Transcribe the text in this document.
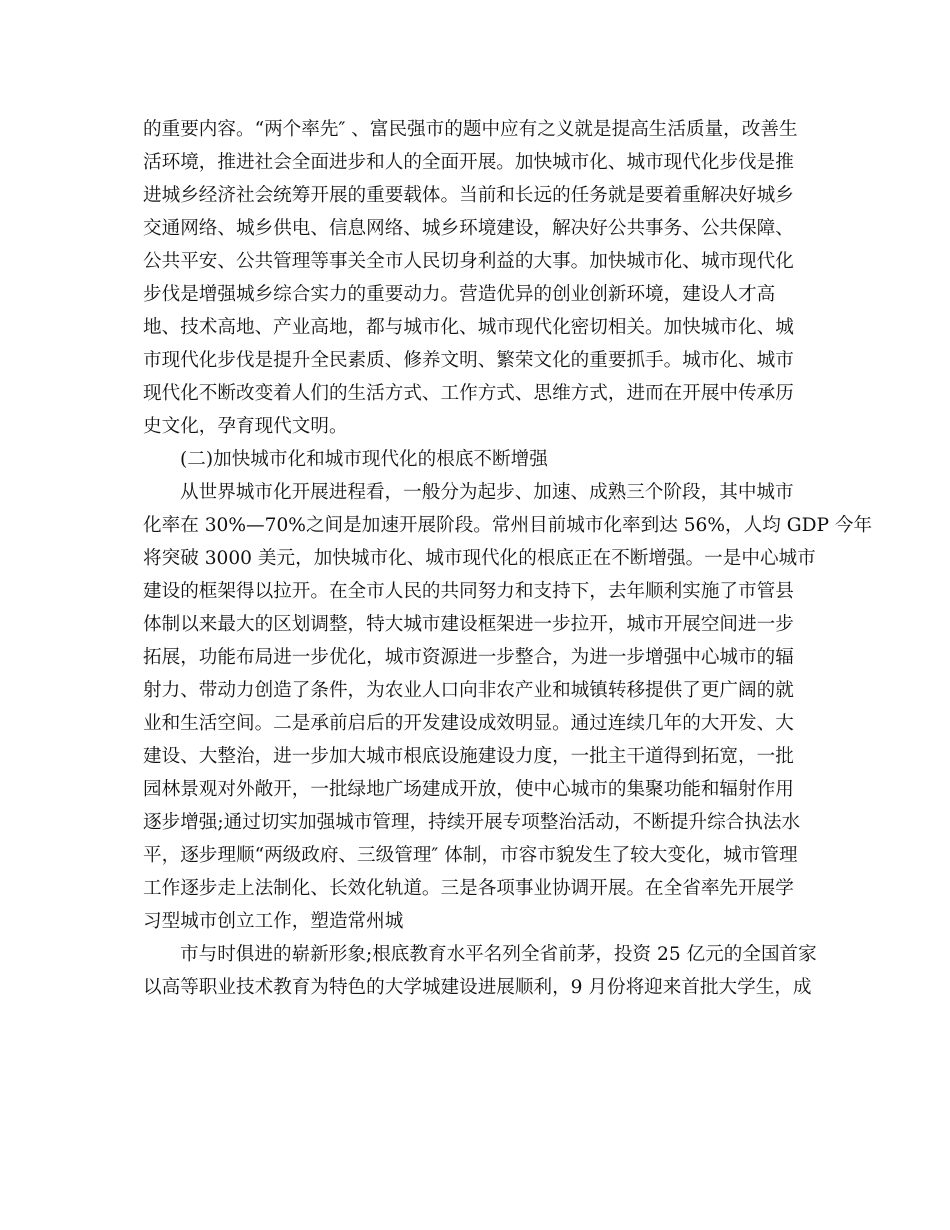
的重要内容。“两个率先″ 、富民强市的题中应有之义就是提高生活质量，改善生
活环境，推进社会全面进步和人的全面开展。加快城市化、城市现代化步伐是推
进城乡经济社会统筹开展的重要载体。当前和长远的任务就是要着重解决好城乡
交通网络、城乡供电、信息网络、城乡环境建设，解决好公共事务、公共保障、
公共平安、公共管理等事关全市人民切身利益的大事。加快城市化、城市现代化
步伐是增强城乡综合实力的重要动力。营造优异的创业创新环境，建设人才高
地、技术高地、产业高地，都与城市化、城市现代化密切相关。加快城市化、城
市现代化步伐是提升全民素质、修养文明、繁荣文化的重要抓手。城市化、城市
现代化不断改变着人们的生活方式、工作方式、思维方式，进而在开展中传承历
史文化，孕育现代文明。
(二)加快城市化和城市现代化的根底不断增强
从世界城市化开展进程看，一般分为起步、加速、成熟三个阶段，其中城市
化率在 30%—70%之间是加速开展阶段。常州目前城市化率到达 56%，人均 GDP 今年
将突破 3000 美元，加快城市化、城市现代化的根底正在不断增强。一是中心城市
建设的框架得以拉开。在全市人民的共同努力和支持下，去年顺利实施了市管县
体制以来最大的区划调整，特大城市建设框架进一步拉开，城市开展空间进一步
拓展，功能布局进一步优化，城市资源进一步整合，为进一步增强中心城市的辐
射力、带动力创造了条件，为农业人口向非农产业和城镇转移提供了更广阔的就
业和生活空间。二是承前启后的开发建设成效明显。通过连续几年的大开发、大
建设、大整治，进一步加大城市根底设施建设力度，一批主干道得到拓宽，一批
园林景观对外敞开，一批绿地广场建成开放，使中心城市的集聚功能和辐射作用
逐步增强;通过切实加强城市管理，持续开展专项整治活动，不断提升综合执法水
平，逐步理顺“两级政府、三级管理″ 体制，市容市貌发生了较大变化，城市管理
工作逐步走上法制化、长效化轨道。三是各项事业协调开展。在全省率先开展学
习型城市创立工作，塑造常州城
市与时俱进的崭新形象;根底教育水平名列全省前茅，投资 25 亿元的全国首家
以高等职业技术教育为特色的大学城建设进展顺利，9 月份将迎来首批大学生，成
